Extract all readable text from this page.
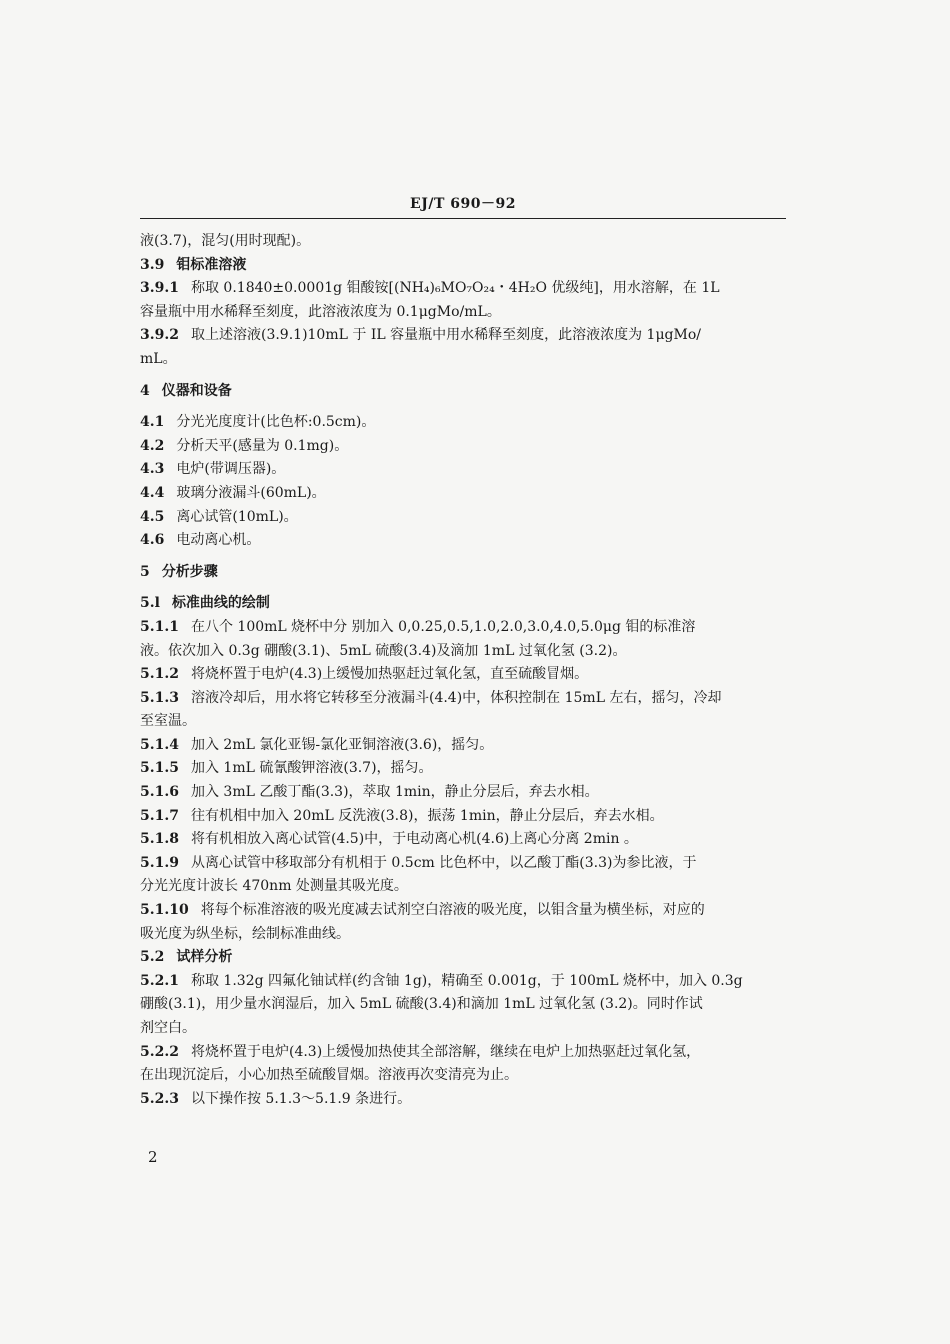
EJ/T 690－92
液(3.7)，混匀(用时现配)。
3.9 钼标准溶液
3.9.1 称取 0.1840±0.0001g 钼酸铵[(NH₄)₆MO₇O₂₄・4H₂O 优级纯]，用水溶解，在 1L
容量瓶中用水稀释至刻度，此溶液浓度为 0.1μgMo/mL。
3.9.2 取上述溶液(3.9.1)10mL 于 IL 容量瓶中用水稀释至刻度，此溶液浓度为 1μgMo/
mL。
4 仪器和设备
4.1 分光光度度计(比色杯:0.5cm)。
4.2 分析天平(感量为 0.1mg)。
4.3 电炉(带调压器)。
4.4 玻璃分液漏斗(60mL)。
4.5 离心试管(10mL)。
4.6 电动离心机。
5 分析步骤
5.l 标准曲线的绘制
5.1.1 在八个 100mL 烧杯中分 别加入 0,0.25,0.5,1.0,2.0,3.0,4.0,5.0μg 钼的标准溶
液。依次加入 0.3g 硼酸(3.1)、5mL 硫酸(3.4)及滴加 1mL 过氧化氢 (3.2)。
5.1.2 将烧杯置于电炉(4.3)上缓慢加热驱赶过氧化氢，直至硫酸冒烟。
5.1.3 溶液冷却后，用水将它转移至分液漏斗(4.4)中，体积控制在 15mL 左右，摇匀，冷却
至室温。
5.1.4 加入 2mL 氯化亚锡-氯化亚铜溶液(3.6)，摇匀。
5.1.5 加入 1mL 硫氰酸钾溶液(3.7)，摇匀。
5.1.6 加入 3mL 乙酸丁酯(3.3)，萃取 1min，静止分层后，弃去水相。
5.1.7 往有机相中加入 20mL 反洗液(3.8)，振荡 1min，静止分层后，弃去水相。
5.1.8 将有机相放入离心试管(4.5)中，于电动离心机(4.6)上离心分离 2min 。
5.1.9 从离心试管中移取部分有机相于 0.5cm 比色杯中，以乙酸丁酯(3.3)为参比液，于
分光光度计波长 470nm 处测量其吸光度。
5.1.10 将每个标准溶液的吸光度减去试剂空白溶液的吸光度，以钼含量为横坐标，对应的
吸光度为纵坐标，绘制标准曲线。
5.2 试样分析
5.2.1 称取 1.32g 四氟化铀试样(约含铀 1g)，精确至 0.001g，于 100mL 烧杯中，加入 0.3g
硼酸(3.1)，用少量水润湿后，加入 5mL 硫酸(3.4)和滴加 1mL 过氧化氢 (3.2)。同时作试
剂空白。
5.2.2 将烧杯置于电炉(4.3)上缓慢加热使其全部溶解，继续在电炉上加热驱赶过氧化氢，
在出现沉淀后，小心加热至硫酸冒烟。溶液再次变清亮为止。
5.2.3 以下操作按 5.1.3～5.1.9 条进行。
2
